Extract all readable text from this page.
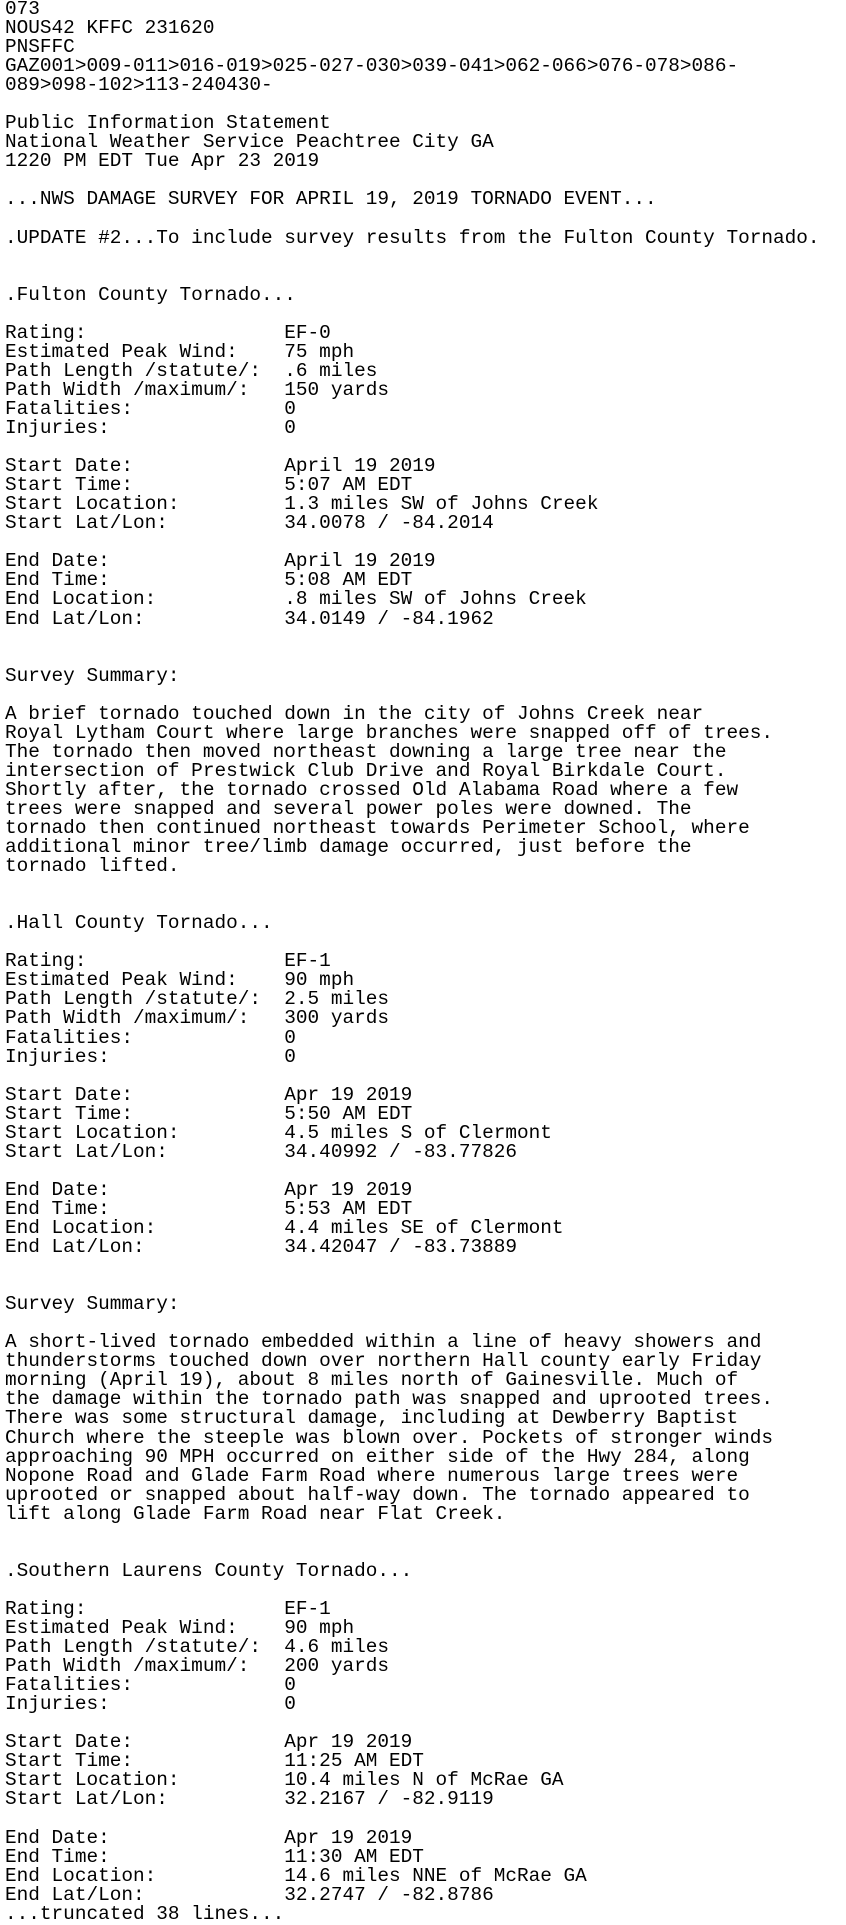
073
NOUS42 KFFC 231620
PNSFFC
GAZ001>009-011>016-019>025-027-030>039-041>062-066>076-078>086-
089>098-102>113-240430-
Public Information Statement
National Weather Service Peachtree City GA
1220 PM EDT Tue Apr 23 2019
...NWS DAMAGE SURVEY FOR APRIL 19, 2019 TORNADO EVENT...
.UPDATE #2...To include survey results from the Fulton County Tornado.
.Fulton County Tornado...
Rating:                 EF-0
Estimated Peak Wind:    75 mph
Path Length /statute/:  .6 miles
Path Width /maximum/:   150 yards
Fatalities:             0
Injuries:               0
Start Date:             April 19 2019
Start Time:             5:07 AM EDT
Start Location:         1.3 miles SW of Johns Creek
Start Lat/Lon:          34.0078 / -84.2014
End Date:               April 19 2019
End Time:               5:08 AM EDT
End Location:           .8 miles SW of Johns Creek
End Lat/Lon:            34.0149 / -84.1962
Survey Summary:
A brief tornado touched down in the city of Johns Creek near
Royal Lytham Court where large branches were snapped off of trees.
The tornado then moved northeast downing a large tree near the
intersection of Prestwick Club Drive and Royal Birkdale Court.
Shortly after, the tornado crossed Old Alabama Road where a few
trees were snapped and several power poles were downed. The
tornado then continued northeast towards Perimeter School, where
additional minor tree/limb damage occurred, just before the
tornado lifted.
.Hall County Tornado...
Rating:                 EF-1
Estimated Peak Wind:    90 mph
Path Length /statute/:  2.5 miles
Path Width /maximum/:   300 yards
Fatalities:             0
Injuries:               0
Start Date:             Apr 19 2019
Start Time:             5:50 AM EDT
Start Location:         4.5 miles S of Clermont
Start Lat/Lon:          34.40992 / -83.77826
End Date:               Apr 19 2019
End Time:               5:53 AM EDT
End Location:           4.4 miles SE of Clermont
End Lat/Lon:            34.42047 / -83.73889
Survey Summary:
A short-lived tornado embedded within a line of heavy showers and
thunderstorms touched down over northern Hall county early Friday
morning (April 19), about 8 miles north of Gainesville. Much of
the damage within the tornado path was snapped and uprooted trees.
There was some structural damage, including at Dewberry Baptist
Church where the steeple was blown over. Pockets of stronger winds
approaching 90 MPH occurred on either side of the Hwy 284, along
Nopone Road and Glade Farm Road where numerous large trees were
uprooted or snapped about half-way down. The tornado appeared to
lift along Glade Farm Road near Flat Creek.
.Southern Laurens County Tornado...
Rating:                 EF-1
Estimated Peak Wind:    90 mph
Path Length /statute/:  4.6 miles
Path Width /maximum/:   200 yards
Fatalities:             0
Injuries:               0
Start Date:             Apr 19 2019
Start Time:             11:25 AM EDT
Start Location:         10.4 miles N of McRae GA
Start Lat/Lon:          32.2167 / -82.9119
End Date:               Apr 19 2019
End Time:               11:30 AM EDT
End Location:           14.6 miles NNE of McRae GA
End Lat/Lon:            32.2747 / -82.8786
...truncated 38 lines...
